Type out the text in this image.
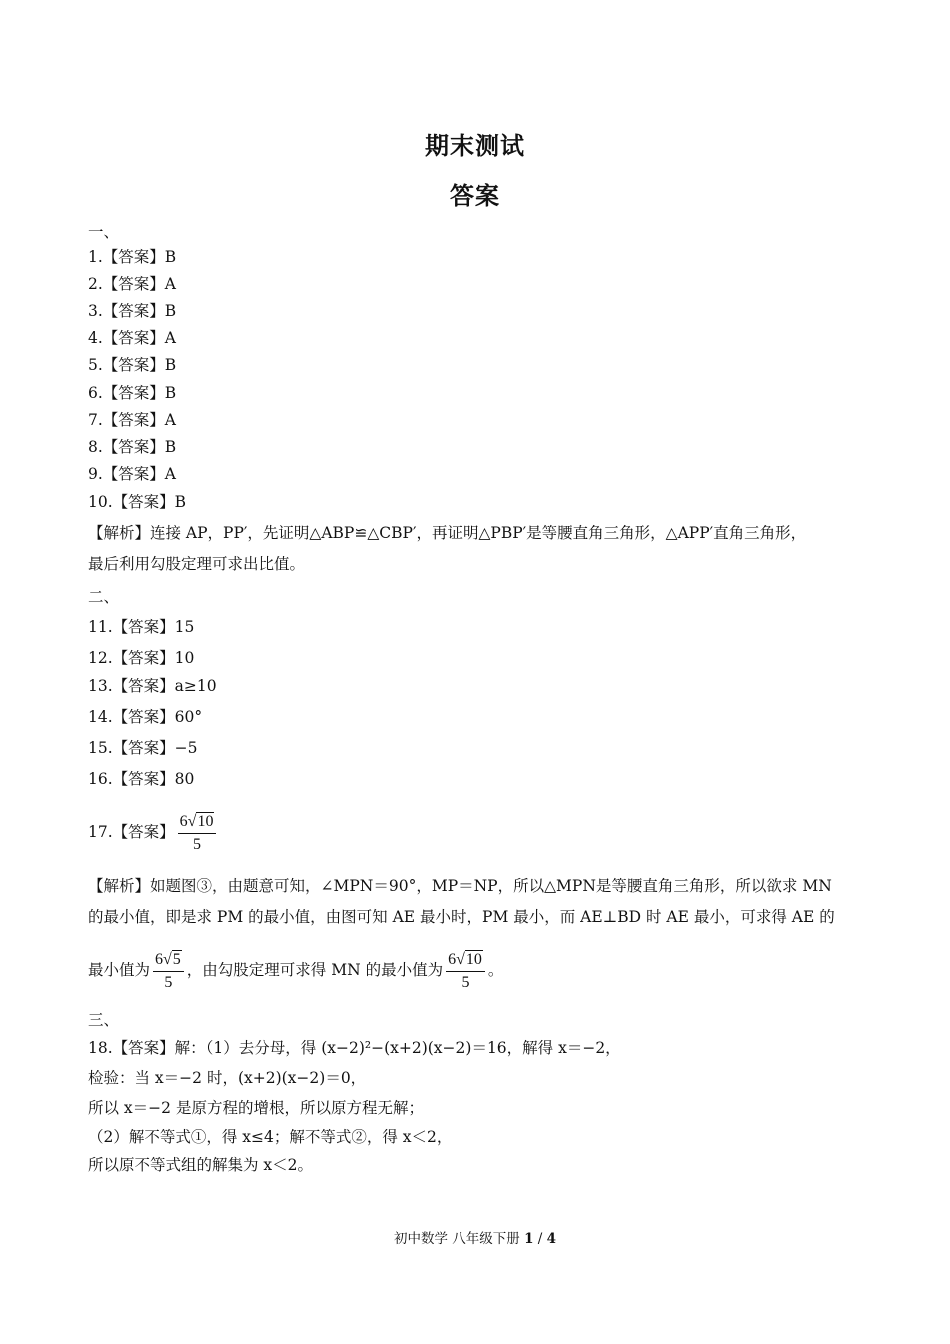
期末测试
答案
一、
1.【答案】B
2.【答案】A
3.【答案】B
4.【答案】A
5.【答案】B
6.【答案】B
7.【答案】A
8.【答案】B
9.【答案】A
10.【答案】B
【解析】连接 AP，PP′，先证明△ABP≌△CBP′，再证明△PBP′是等腰直角三角形，△APP′直角三角形，
最后利用勾股定理可求出比值。
二、
11.【答案】15
12.【答案】10
13.【答案】a≥10
14.【答案】60°
15.【答案】−5
16.【答案】80
17.【答案】 $\frac{6√10}{5}$
【解析】如题图③，由题意可知，∠MPN＝90°，MP＝NP，所以△MPN是等腰直角三角形，所以欲求 MN
的最小值，即是求 PM 的最小值，由图可知 AE 最小时，PM 最小，而 AE⊥BD 时 AE 最小，可求得 AE 的
最小值为 $\frac{6√5}{5}$ ，由勾股定理可求得 MN 的最小值为 $\frac{6√10}{5}$ 。
三、
18.【答案】解：（1）去分母，得 (x−2)²−(x+2)(x−2)＝16，解得 x＝−2，
检验：当 x＝−2 时，(x+2)(x−2)＝0，
所以 x＝−2 是原方程的增根，所以原方程无解；
（2）解不等式①，得 x≤4；解不等式②，得 x＜2，
所以原不等式组的解集为 x＜2。
初中数学 八年级下册 1 / 4
